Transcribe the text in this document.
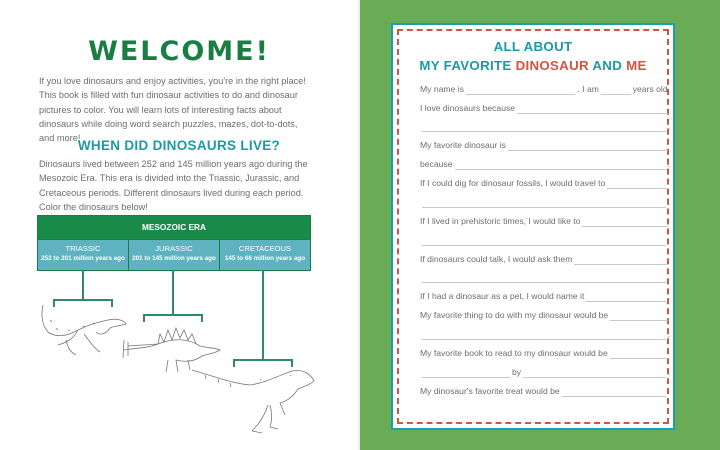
WELCOME!
If you love dinosaurs and enjoy activities, you're in the right place! This book is filled with fun dinosaur activities to do and dinosaur pictures to color. You will learn lots of interesting facts about dinosaurs while doing word search puzzles, mazes, dot-to-dots, and more!
WHEN DID DINOSAURS LIVE?
Dinosaurs lived between 252 and 145 million years ago during the Mesozoic Era. This era is divided into the Triassic, Jurassic, and Cretaceous periods. Different dinosaurs lived during each period. Color the dinosaurs below!
MESOZOIC ERA
TRIASSIC
252 to 201 million years ago
JURASSIC
201 to 145 million years ago
CRETACEOUS
145 to 66 million years ago
ALL ABOUT
MY FAVORITE DINOSAUR AND ME
My name is	. I am	years old.
I love dinosaurs because
.
My favorite dinosaur is
because	.
If I could dig for dinosaur fossils, I would travel to
.
If I lived in prehistoric times, I would like to
.
If dinosaurs could talk, I would ask them
.
If I had a dinosaur as a pet, I would name it	.
My favorite thing to do with my dinosaur would be
.
My favorite book to read to my dinosaur would be
by	.
My dinosaur's favorite treat would be	.
